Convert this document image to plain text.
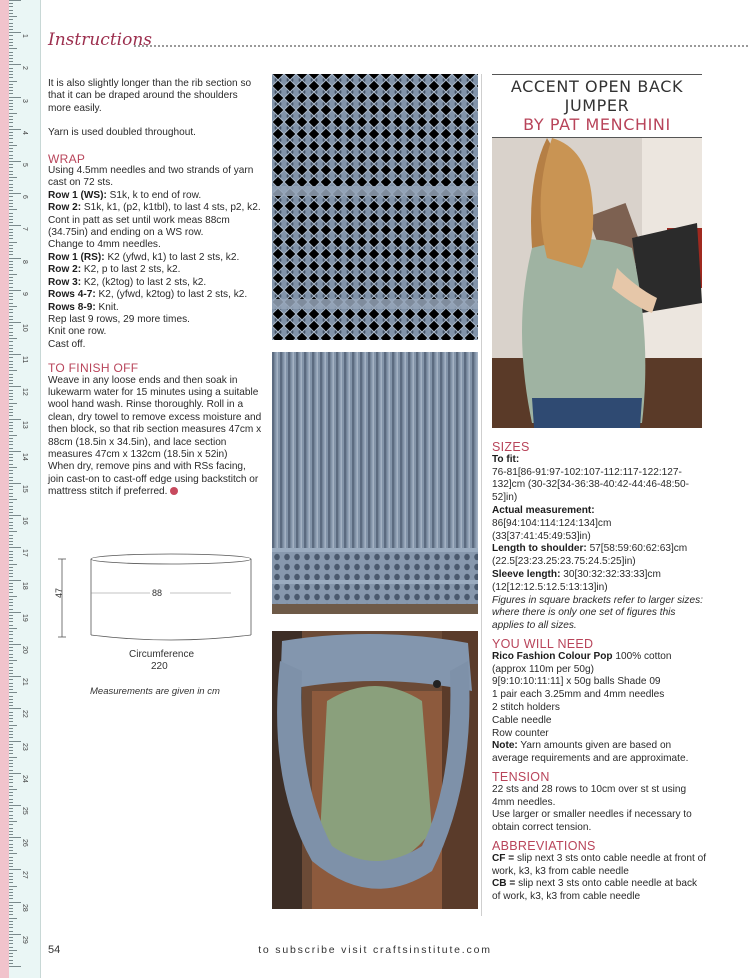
1
2
3
4
5
6
7
8
9
10
11
12
13
14
15
16
17
18
19
20
21
22
23
24
25
26
27
28
29
Instructions

It is also slightly longer than the rib section so that it can be draped around the shoulders more easily.

Yarn is used doubled throughout.

WRAP

Using 4.5mm needles and two strands of yarn cast on 72 sts.

Row 1 (WS): S1k, k to end of row.

Row 2: S1k, k1, (p2, k1tbl), to last 4 sts, p2, k2.

Cont in patt as set until work meas 88cm (34.75in) and ending on a WS row.

Change to 4mm needles.

Row 1 (RS): K2 (yfwd, k1) to last 2 sts, k2.

Row 2: K2, p to last 2 sts, k2.

Row 3: K2, (k2tog) to last 2 sts, k2.

Rows 4-7: K2, (yfwd, k2tog) to last 2 sts, k2.

Rows 8-9: Knit.

Rep last 9 rows, 29 more times.

Knit one row.

Cast off.

TO FINISH OFF

Weave in any loose ends and then soak in lukewarm water for 15 minutes using a suitable wool hand wash. Rinse thoroughly. Roll in a clean, dry towel to remove excess moisture and then block, so that rib section measures 47cm x 88cm (18.5in x 34.5in), and lace section measures 47cm x 132cm (18.5in x 52in)

When dry, remove pins and with RSs facing, join cast-on to cast-off edge using backstitch or mattress stitch if preferred.

47	88
Circumference
220
Measurements are given in cm
ACCENT OPEN BACK
JUMPER
BY PAT MENCHINI

SIZES

To fit:

76-81[86-91:97-102:107-112:117-122:127-132]cm (30-32[34-36:38-40:42-44:46-48:50-52]in)

Actual measurement:

86[94:104:114:124:134]cm (33[37:41:45:49:53]in)

Length to shoulder: 57[58:59:60:62:63]cm (22.5[23:23.25:23.75:24.5:25]in)

Sleeve length: 30[30:32:32:33:33]cm (12[12:12.5:12.5:13:13]in)

Figures in square brackets refer to larger sizes: where there is only one set of figures this applies to all sizes.

YOU WILL NEED

Rico Fashion Colour Pop 100% cotton (approx 110m per 50g)

9[9:10:10:11:11] x 50g balls Shade 09

1 pair each 3.25mm and 4mm needles

2 stitch holders

Cable needle

Row counter

Note: Yarn amounts given are based on average requirements and are approximate.

TENSION

22 sts and 28 rows to 10cm over st st using 4mm needles.

Use larger or smaller needles if necessary to obtain correct tension.

ABBREVIATIONS

CF = slip next 3 sts onto cable needle at front of work, k3, k3 from cable needle

CB = slip next 3 sts onto cable needle at back of work, k3, k3 from cable needle

54	to subscribe visit craftsinstitute.com
